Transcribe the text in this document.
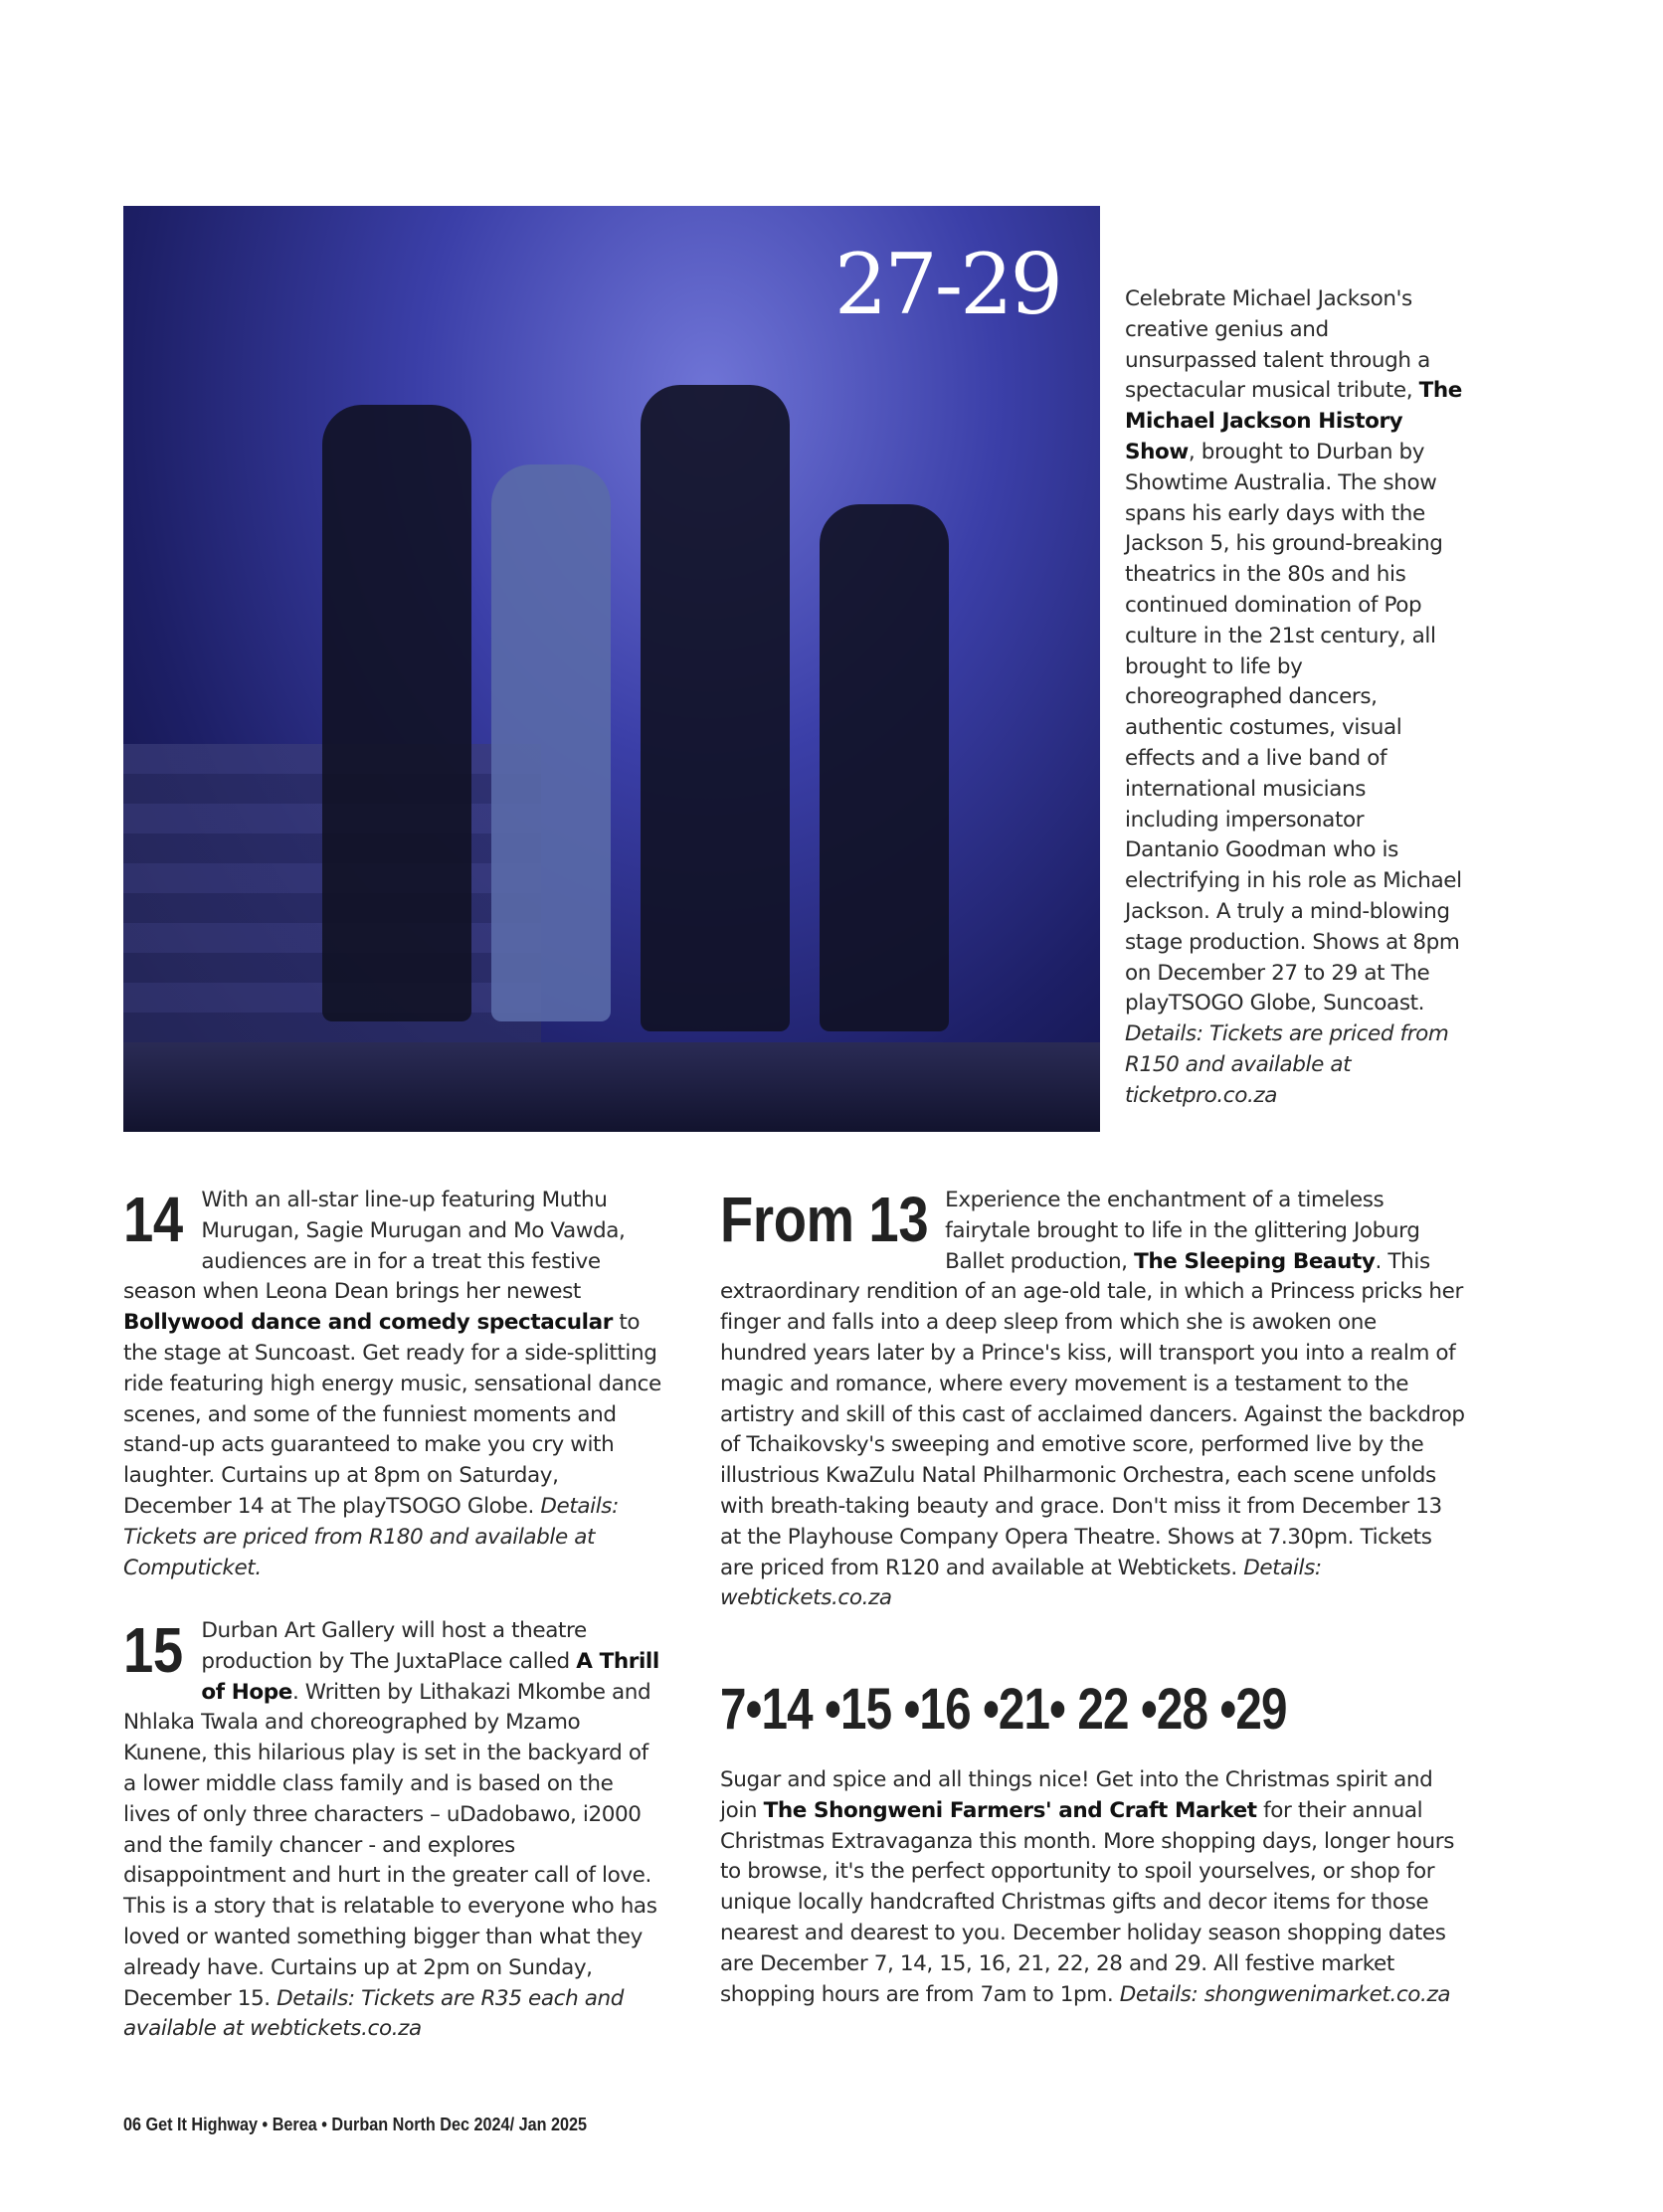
27-29	Celebrate Michael Jackson's creative genius and unsurpassed talent through a spectacular musical tribute, The Michael Jackson History Show, brought to Durban by Showtime Australia. The show spans his early days with the Jackson 5, his ground-breaking theatrics in the 80s and his continued domination of Pop culture in the 21st century, all brought to life by choreographed dancers, authentic costumes, visual effects and a live band of international musicians including impersonator Dantanio Goodman who is electrifying in his role as Michael Jackson. A truly a mind-blowing stage production. Shows at 8pm on December 27 to 29 at The playTSOGO Globe, Suncoast. Details: Tickets are priced from R150 and available at ticketpro.co.za
14 With an all-star line-up featuring Muthu Murugan, Sagie Murugan and Mo Vawda, audiences are in for a treat this festive season when Leona Dean brings her newest Bollywood dance and comedy spectacular to the stage at Suncoast. Get ready for a side-splitting ride featuring high energy music, sensational dance scenes, and some of the funniest moments and stand-up acts guaranteed to make you cry with laughter. Curtains up at 8pm on Saturday, December 14 at The playTSOGO Globe. Details: Tickets are priced from R180 and available at Computicket.
15 Durban Art Gallery will host a theatre production by The JuxtaPlace called A Thrill of Hope. Written by Lithakazi Mkombe and Nhlaka Twala and choreographed by Mzamo Kunene, this hilarious play is set in the backyard of a lower middle class family and is based on the lives of only three characters – uDadobawo, i2000 and the family chancer - and explores disappointment and hurt in the greater call of love. This is a story that is relatable to everyone who has loved or wanted something bigger than what they already have. Curtains up at 2pm on Sunday, December 15. Details: Tickets are R35 each and available at webtickets.co.za
From 13 Experience the enchantment of a timeless fairytale brought to life in the glittering Joburg Ballet production, The Sleeping Beauty. This extraordinary rendition of an age-old tale, in which a Princess pricks her finger and falls into a deep sleep from which she is awoken one hundred years later by a Prince's kiss, will transport you into a realm of magic and romance, where every movement is a testament to the artistry and skill of this cast of acclaimed dancers. Against the backdrop of Tchaikovsky's sweeping and emotive score, performed live by the illustrious KwaZulu Natal Philharmonic Orchestra, each scene unfolds with breath-taking beauty and grace. Don't miss it from December 13 at the Playhouse Company Opera Theatre. Shows at 7.30pm. Tickets are priced from R120 and available at Webtickets. Details: webtickets.co.za
7•14 •15 •16 •21• 22 •28 •29
Sugar and spice and all things nice! Get into the Christmas spirit and join The Shongweni Farmers' and Craft Market for their annual Christmas Extravaganza this month. More shopping days, longer hours to browse, it's the perfect opportunity to spoil yourselves, or shop for unique locally handcrafted Christmas gifts and decor items for those nearest and dearest to you. December holiday season shopping dates are December 7, 14, 15, 16, 21, 22, 28 and 29. All festive market shopping hours are from 7am to 1pm. Details: shongwenimarket.co.za
06 Get It Highway • Berea • Durban North Dec 2024/ Jan 2025
